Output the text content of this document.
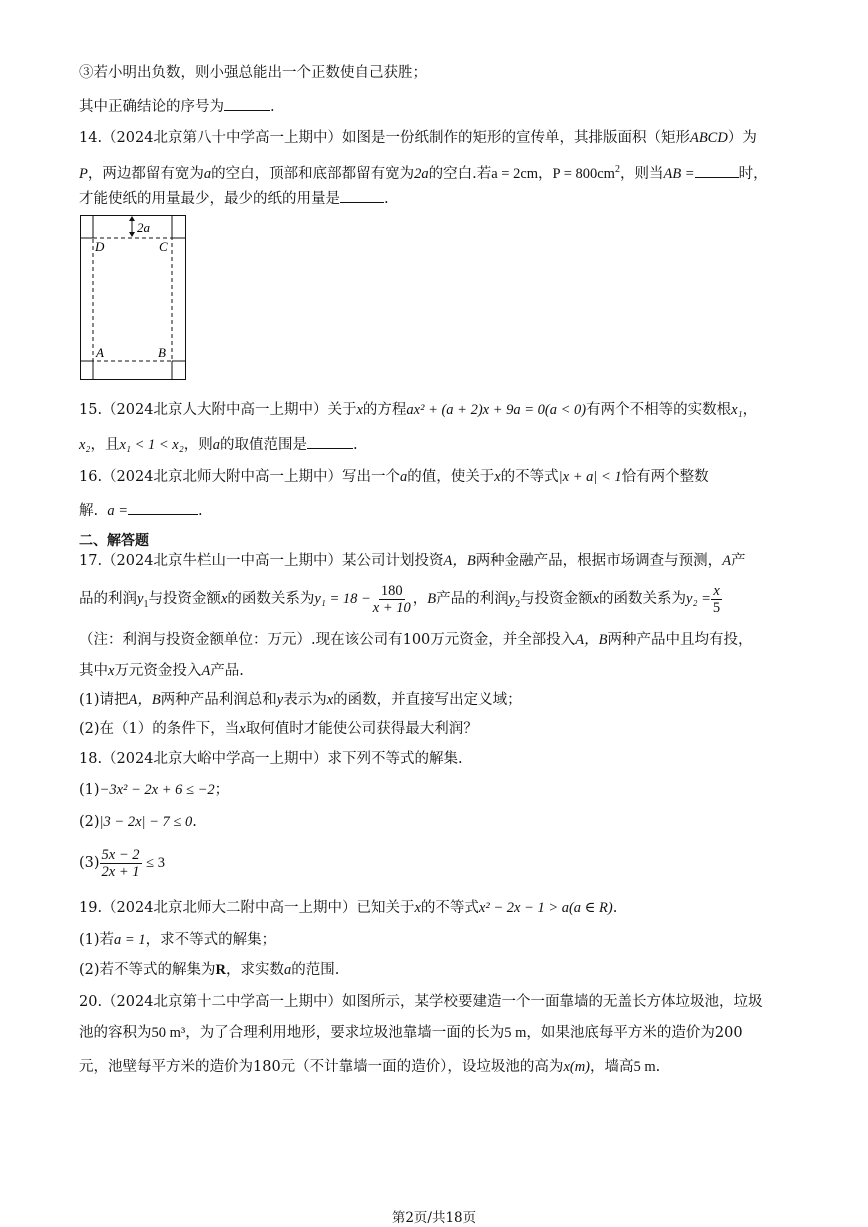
③若小明出负数，则小强总能出一个正数使自己获胜；
其中正确结论的序号为	.
14.（2024北京第八十中学高一上期中）如图是一份纸制作的矩形的宣传单，其排版面积（矩形ABCD）为
P，两边都留有宽为a的空白，顶部和底部都留有宽为2a的空白.若a = 2cm，$P = 800cm^2$，则当AB =	时，
才能使纸的用量最少，最少的纸的用量是	.
2a
D	C
A	B
15.（2024北京人大附中高一上期中）关于x的方程ax² + (a + 2)x + 9a = 0(a < 0)有两个不相等的实数根x₁，
x₂，且x₁ < 1 < x₂，则a的取值范围是	.
16.（2024北京北师大附中高一上期中）写出一个a的值，使关于x的不等式|x + a| < 1恰有两个整数
解. a =	.
二、解答题
17.（2024北京牛栏山一中高一上期中）某公司计划投资A，B两种金融产品，根据市场调查与预测，A产
品的利润$y_1$与投资金额x的函数关系为$y_1 = 18 - \frac{180}{x + 10}$ ，B产品的利润$y_2$与投资金额x的函数关系为$y_2 = \frac{x}{5}$
（注：利润与投资金额单位：万元）.现在该公司有100万元资金，并全部投入A，B两种产品中且均有投，
其中x万元资金投入A产品.
(1)请把A，B两种产品利润总和y表示为x的函数，并直接写出定义域；
(2)在（1）的条件下，当x取何值时才能使公司获得最大利润？
18.（2024北京大峪中学高一上期中）求下列不等式的解集.
(1)−3x² − 2x + 6 ≤ −2；
(2)|3 − 2x| − 7 ≤ 0.
$(3) \frac{5x - 2}{2x + 1} \le 3$
19.（2024北京北师大二附中高一上期中）已知关于x的不等式x² − 2x − 1 > a(a ∈ R).
(1)若a = 1，求不等式的解集；
(2)若不等式的解集为R，求实数a的范围.
20.（2024北京第十二中学高一上期中）如图所示，某学校要建造一个一面靠墙的无盖长方体垃圾池，垃圾
池的容积为50 m³，为了合理利用地形，要求垃圾池靠墙一面的长为5 m，如果池底每平方米的造价为200
元，池壁每平方米的造价为180元（不计靠墙一面的造价），设垃圾池的高为x(m)，墙高5 m.
第2页/共18页
